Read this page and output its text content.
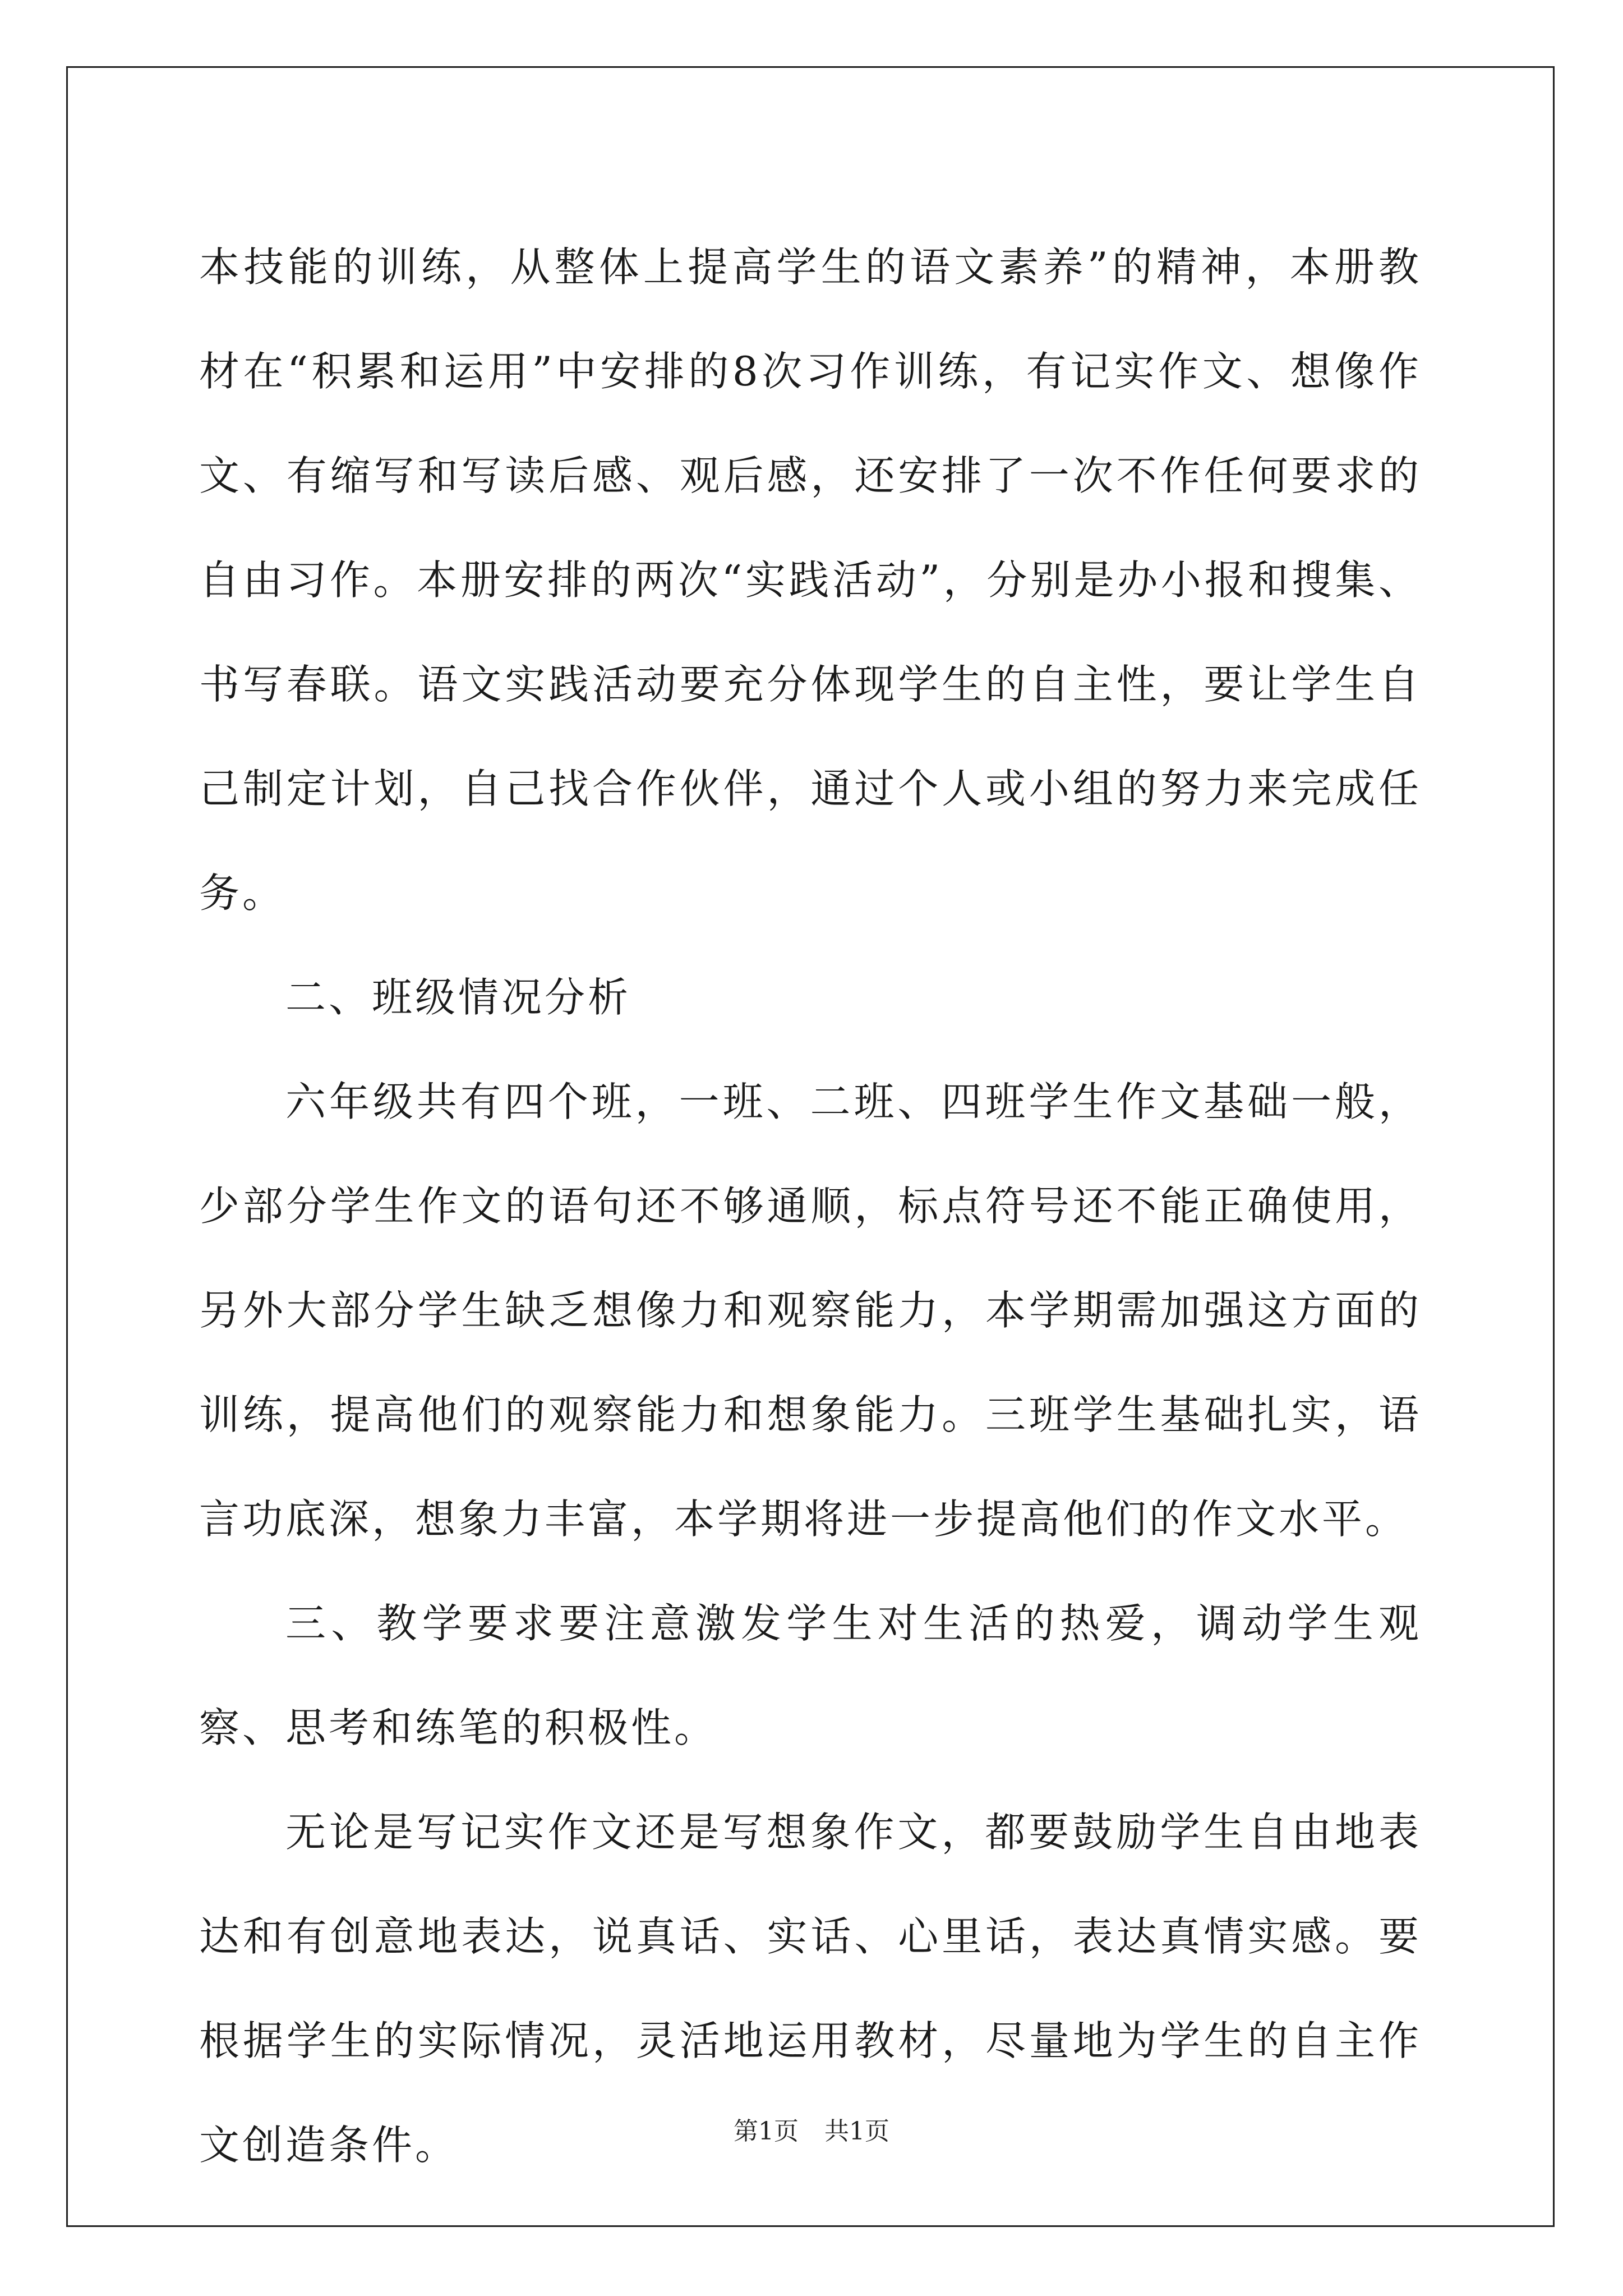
本技能的训练，从整体上提高学生的语文素养”的精神，本册教材在“积累和运用”中安排的8次习作训练，有记实作文、想像作文、有缩写和写读后感、观后感，还安排了一次不作任何要求的自由习作。本册安排的两次“实践活动”，分别是办小报和搜集、书写春联。语文实践活动要充分体现学生的自主性，要让学生自己制定计划，自己找合作伙伴，通过个人或小组的努力来完成任务。

二、班级情况分析

六年级共有四个班，一班、二班、四班学生作文基础一般，少部分学生作文的语句还不够通顺，标点符号还不能正确使用，另外大部分学生缺乏想像力和观察能力，本学期需加强这方面的训练，提高他们的观察能力和想象能力。三班学生基础扎实，语言功底深，想象力丰富，本学期将进一步提高他们的作文水平。

三、教学要求要注意激发学生对生活的热爱，调动学生观察、思考和练笔的积极性。

无论是写记实作文还是写想象作文，都要鼓励学生自由地表达和有创意地表达，说真话、实话、心里话，表达真情实感。要根据学生的实际情况，灵活地运用教材，尽量地为学生的自主作文创造条件。	第1页 共1页
